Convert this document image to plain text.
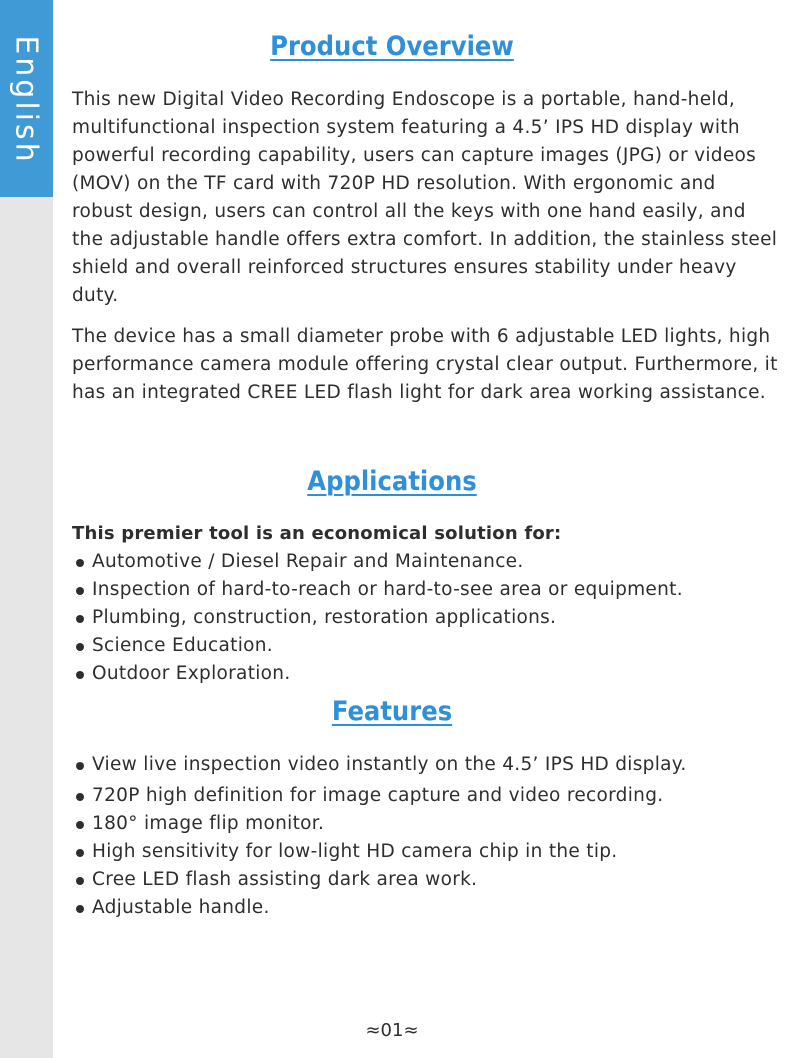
English	Product Overview

This new Digital Video Recording Endoscope is a portable, hand-held, multifunctional inspection system featuring a 4.5’ IPS HD display with powerful recording capability, users can capture images (JPG) or videos (MOV) on the TF card with 720P HD resolution. With ergonomic and robust design, users can control all the keys with one hand easily, and the adjustable handle offers extra comfort. In addition, the stainless steel shield and overall reinforced structures ensures stability under heavy duty.

The device has a small diameter probe with 6 adjustable LED lights, high performance camera module offering crystal clear output. Furthermore, it has an integrated CREE LED flash light for dark area working assistance.

Applications

This premier tool is an economical solution for:

Automotive / Diesel Repair and Maintenance.
Inspection of hard-to-reach or hard-to-see area or equipment.
Plumbing, construction, restoration applications.
Science Education.
Outdoor Exploration.
Features
View live inspection video instantly on the 4.5’ IPS HD display.
720P high definition for image capture and video recording.
180° image flip monitor.
High sensitivity for low-light HD camera chip in the tip.
Cree LED flash assisting dark area work.
Adjustable handle.

≈01≈
